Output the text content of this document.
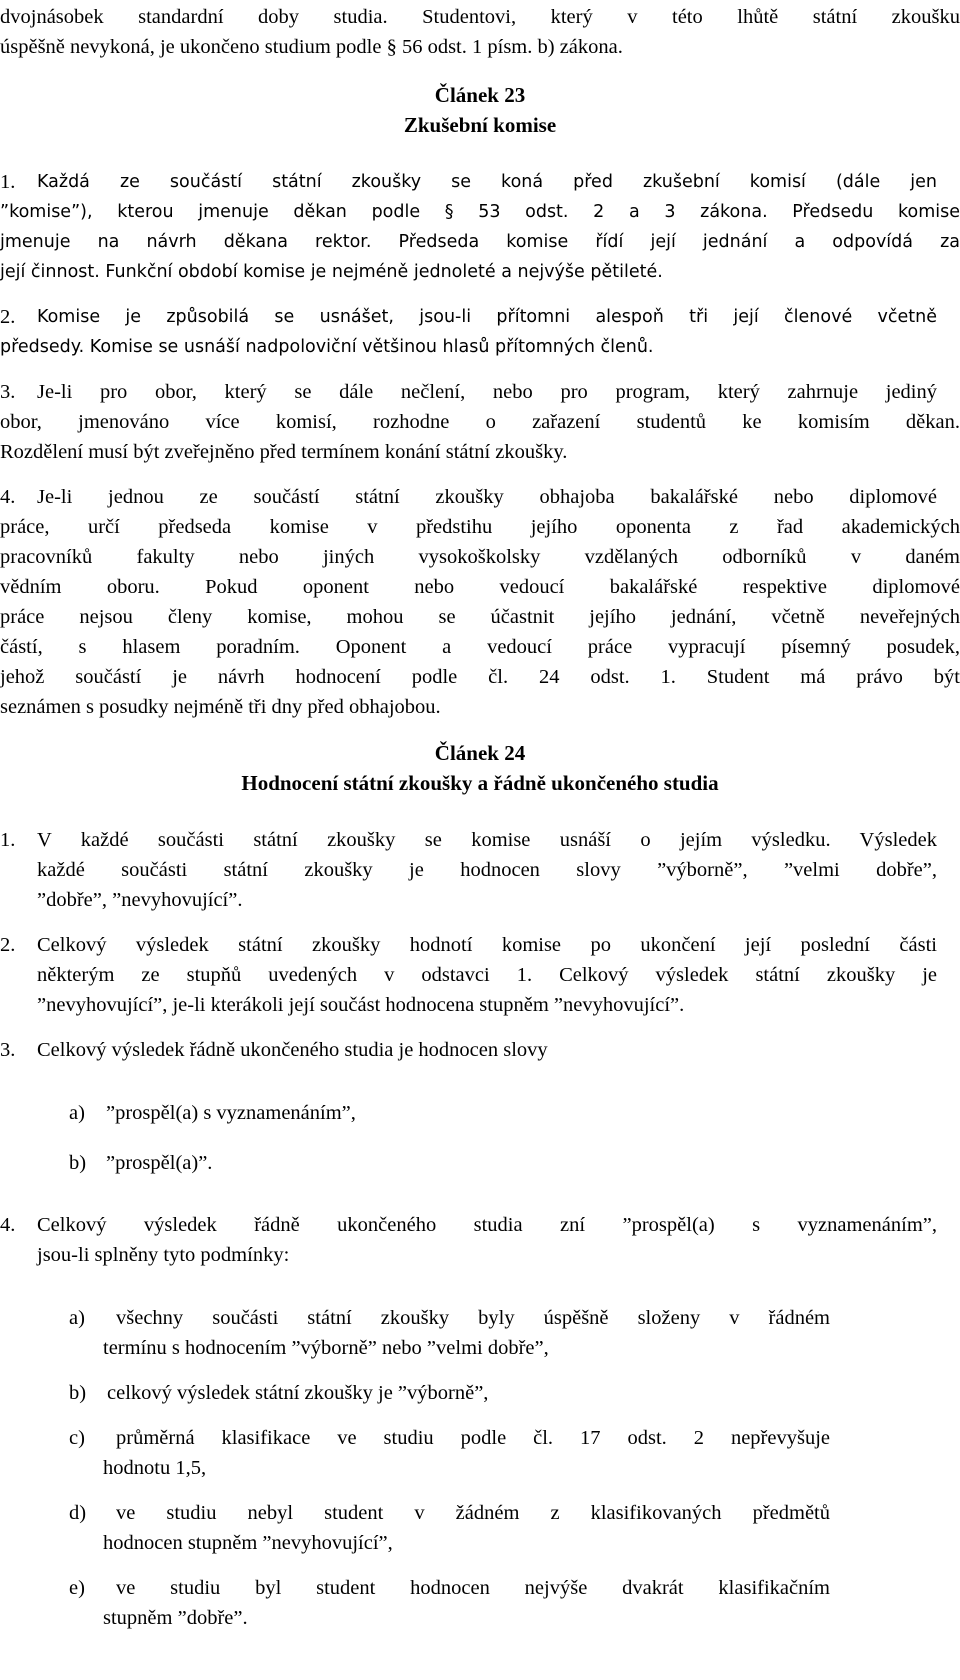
dvojnásobek standardní doby studia. Studentovi, který v této lhůtě státní zkoušku
úspěšně nevykoná, je ukončeno studium podle § 56 odst. 1 písm. b) zákona.
Článek 23
Zkušební komise
1.	Každá ze součástí státní zkoušky se koná před zkušební komisí (dále jen
”komise”), kterou jmenuje děkan podle § 53 odst. 2 a 3 zákona. Předsedu komise
jmenuje na návrh děkana rektor. Předseda komise řídí její jednání a odpovídá za
její činnost. Funkční období komise je nejméně jednoleté a nejvýše pětileté.
2.	Komise je způsobilá se usnášet, jsou-li přítomni alespoň tři její členové včetně
předsedy. Komise se usnáší nadpoloviční většinou hlasů přítomných členů.
3.	Je-li pro obor, který se dále nečlení, nebo pro program, který zahrnuje jediný
obor, jmenováno více komisí, rozhodne o zařazení studentů ke komisím děkan.
Rozdělení musí být zveřejněno před termínem konání státní zkoušky.
4.	Je-li jednou ze součástí státní zkoušky obhajoba bakalářské nebo diplomové
práce, určí předseda komise v předstihu jejího oponenta z řad akademických
pracovníků fakulty nebo jiných vysokoškolsky vzdělaných odborníků v daném
vědním oboru. Pokud oponent nebo vedoucí bakalářské respektive diplomové
práce nejsou členy komise, mohou se účastnit jejího jednání, včetně neveřejných
částí, s hlasem poradním. Oponent a vedoucí práce vypracují písemný posudek,
jehož součástí je návrh hodnocení podle čl. 24 odst. 1. Student má právo být
seznámen s posudky nejméně tři dny před obhajobou.
Článek 24
Hodnocení státní zkoušky a řádně ukončeného studia
1.	V každé součásti státní zkoušky se komise usnáší o jejím výsledku. Výsledek
každé součásti státní zkoušky je hodnocen slovy ”výborně”, ”velmi dobře”,
”dobře”, ”nevyhovující”.
2.	Celkový výsledek státní zkoušky hodnotí komise po ukončení její poslední části
některým ze stupňů uvedených v odstavci 1. Celkový výsledek státní zkoušky je
”nevyhovující”, je-li kterákoli její součást hodnocena stupněm ”nevyhovující”.
3.	Celkový výsledek řádně ukončeného studia je hodnocen slovy
a)	”prospěl(a) s vyznamenáním”,
b) ”prospěl(a)”.
4.	Celkový výsledek řádně ukončeného studia zní ”prospěl(a) s vyznamenáním”,
jsou-li splněny tyto podmínky:
a)	všechny součásti státní zkoušky byly úspěšně složeny v řádném
termínu s hodnocením ”výborně” nebo ”velmi dobře”,
b)	celkový výsledek státní zkoušky je ”výborně”,
c)	průměrná klasifikace ve studiu podle čl. 17 odst. 2 nepřevyšuje
hodnotu 1,5,
d)	ve studiu nebyl student v žádném z klasifikovaných předmětů
hodnocen stupněm ”nevyhovující”,
e)	ve studiu byl student hodnocen nejvýše dvakrát klasifikačním
stupněm ”dobře”.
